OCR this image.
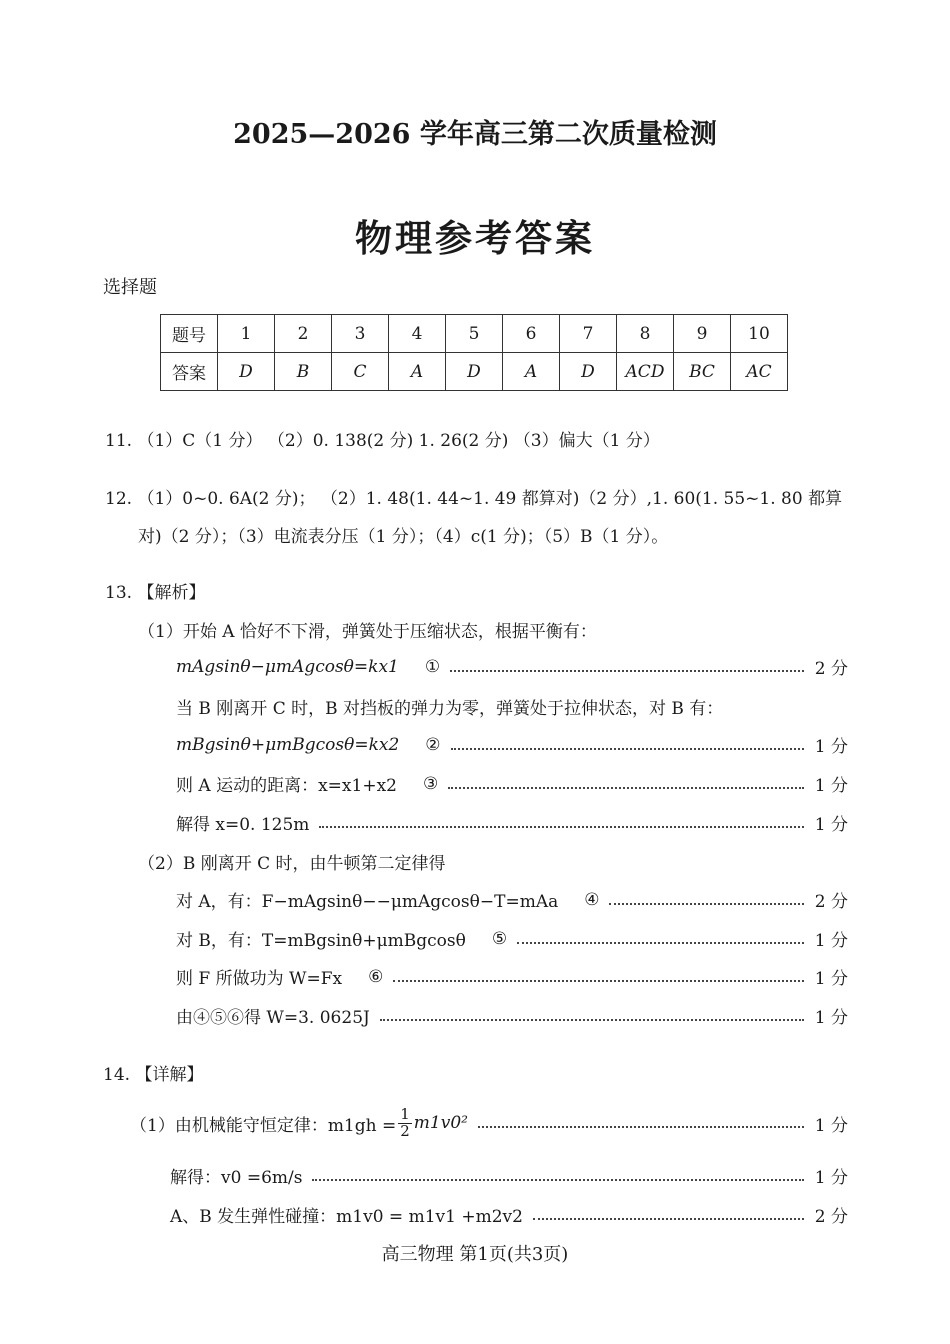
2025—2026 学年高三第二次质量检测
物理参考答案
选择题
题号	1	2	3	4	5	6	7	8	9	10
答案	D	B	C	A	D	A	D	ACD	BC	AC
11. （1）C（1 分） （2）0. 138(2 分) 1. 26(2 分) （3）偏大（1 分）
12. （1）0~0. 6A(2 分)； （2）1. 48(1. 44~1. 49 都算对)（2 分）,1. 60(1. 55~1. 80 都算
对)（2 分）；（3）电流表分压（1 分）；（4）c(1 分)；（5）B（1 分）。
13. 【解析】
（1）开始 A 恰好不下滑，弹簧处于压缩状态，根据平衡有：
mAgsinθ−μmAgcosθ=kx1 ①	2 分
当 B 刚离开 C 时，B 对挡板的弹力为零，弹簧处于拉伸状态，对 B 有：
mBgsinθ+μmBgcosθ=kx2 ②	1 分
则 A 运动的距离：x=x1+x2 ③	1 分
解得 x=0. 125m	1 分
（2）B 刚离开 C 时，由牛顿第二定律得
对 A，有：F−mAgsinθ−−μmAgcosθ−T=mAa ④	2 分
对 B，有：T=mBgsinθ+μmBgcosθ ⑤	1 分
则 F 所做功为 W=Fx ⑥	1 分
由④⑤⑥得 W=3. 0625J	1 分
14. 【详解】
（1）由机械能守恒定律：$m1gh = \frac{1}{2} m1v0^2$	1 分
解得：v0 =6m/s	1 分
A、B 发生弹性碰撞：m1v0 = m1v1 +m2v2	2 分
高三物理 第1页(共3页)
